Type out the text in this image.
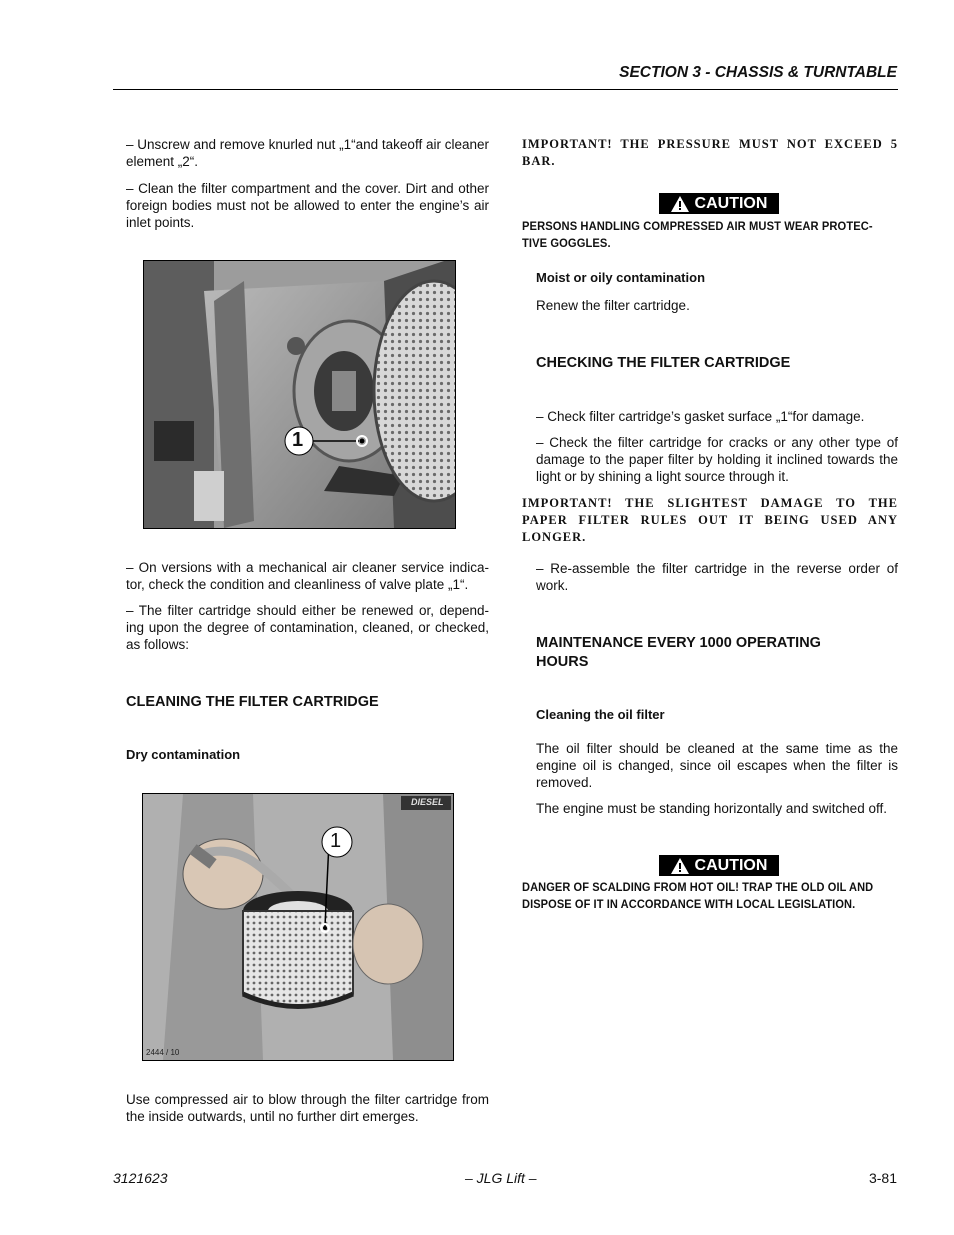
SECTION 3 - CHASSIS & TURNTABLE

– Unscrew and remove knurled nut „1“and takeoff air cleaner element „2“.

– Clean the filter compartment and the cover. Dirt and other foreign bodies must not be allowed to enter the engine’s air inlet points.

1

– On versions with a mechanical air cleaner service indica-tor, check the condition and cleanliness of valve plate „1“.

– The filter cartridge should either be renewed or, depend-ing upon the degree of contamination, cleaned, or checked, as follows:

CLEANING THE FILTER CARTRIDGE
Dry contamination
1
DIESEL
2444 / 10

Use compressed air to blow through the filter cartridge from the inside outwards, until no further dirt emerges.

IMPORTANT! THE PRESSURE MUST NOT EXCEED 5 BAR.

CAUTION

PERSONS HANDLING COMPRESSED AIR MUST WEAR PROTEC-TIVE GOGGLES.

Moist or oily contamination
Renew the filter cartridge.
CHECKING THE FILTER CARTRIDGE

– Check filter cartridge’s gasket surface „1“for damage.

– Check the filter cartridge for cracks or any other type of damage to the paper filter by holding it inclined towards the light or by shining a light source through it.

IMPORTANT! THE SLIGHTEST DAMAGE TO THE PAPER FILTER RULES OUT IT BEING USED ANY LONGER.

– Re-assemble the filter cartridge in the reverse order of work.

MAINTENANCE EVERY 1000 OPERATING HOURS
Cleaning the oil filter

The oil filter should be cleaned at the same time as the engine oil is changed, since oil escapes when the filter is removed.

The engine must be standing horizontally and switched off.

CAUTION

DANGER OF SCALDING FROM HOT OIL! TRAP THE OLD OIL AND DISPOSE OF IT IN ACCORDANCE WITH LOCAL LEGISLATION.

3121623	– JLG Lift –	3-81
